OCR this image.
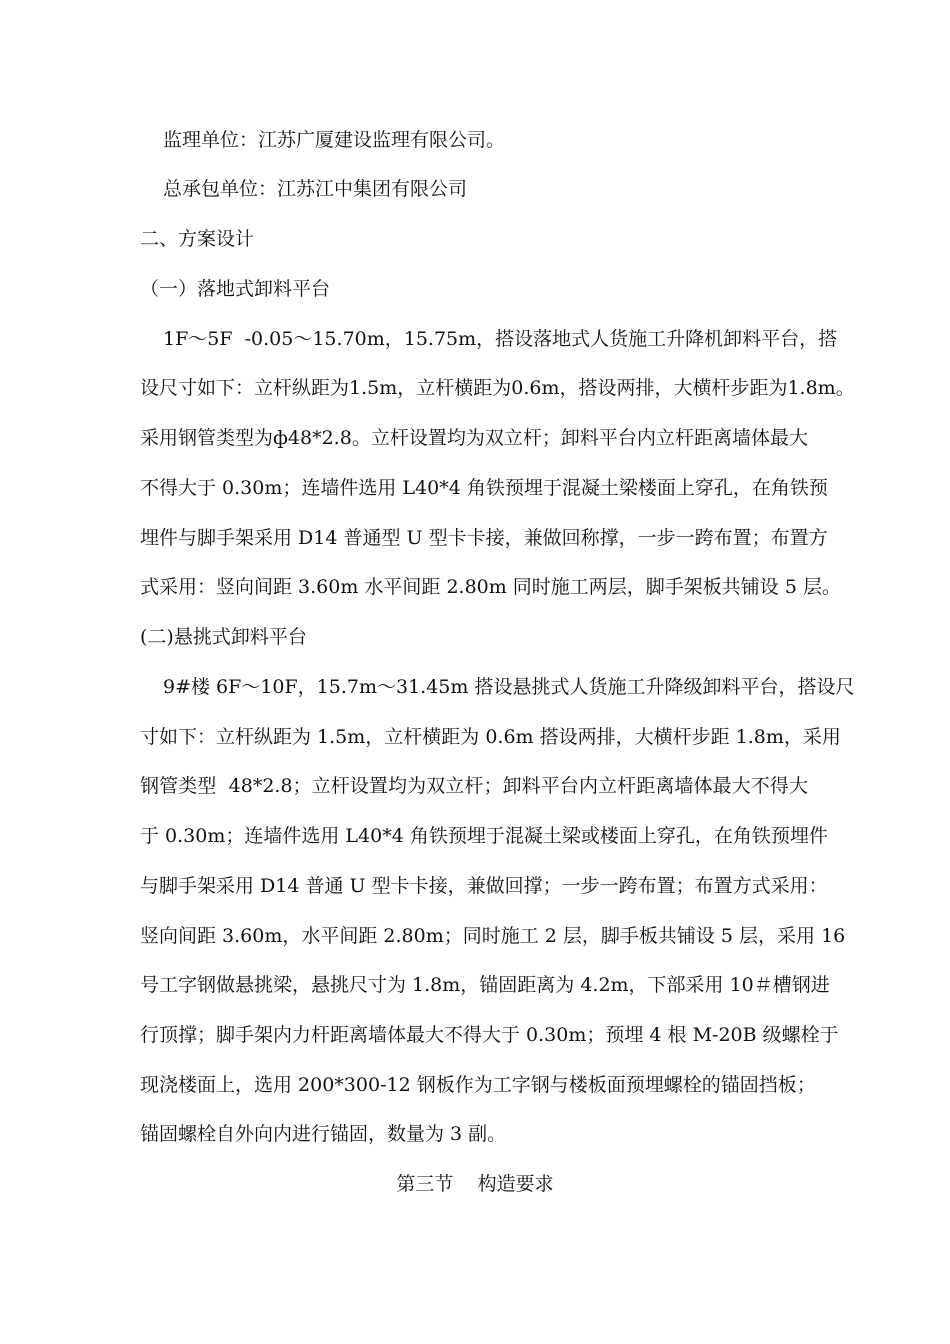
监理单位：江苏广厦建设监理有限公司。
总承包单位：江苏江中集团有限公司
二、方案设计
（一）落地式卸料平台
1F～5F  -0.05～15.70m，15.75m，搭设落地式人货施工升降机卸料平台，搭
设尺寸如下：立杆纵距为1.5m，立杆横距为0.6m，搭设两排，大横杆步距为1.8m。
采用钢管类型为ф48*2.8。立杆设置均为双立杆；卸料平台内立杆距离墙体最大
不得大于 0.30m；连墙件选用 L40*4 角铁预埋于混凝土梁楼面上穿孔，在角铁预
埋件与脚手架采用 D14 普通型 U 型卡卡接，兼做回称撑，一步一跨布置；布置方
式采用：竖向间距 3.60m 水平间距 2.80m 同时施工两层，脚手架板共铺设 5 层。
(二)悬挑式卸料平台
9#楼 6F～10F，15.7m～31.45m 搭设悬挑式人货施工升降级卸料平台，搭设尺
寸如下：立杆纵距为 1.5m，立杆横距为 0.6m 搭设两排，大横杆步距 1.8m，采用
钢管类型  48*2.8；立杆设置均为双立杆；卸料平台内立杆距离墙体最大不得大
于 0.30m；连墙件选用 L40*4 角铁预埋于混凝土梁或楼面上穿孔，在角铁预埋件
与脚手架采用 D14 普通 U 型卡卡接，兼做回撑；一步一跨布置；布置方式采用：
竖向间距 3.60m，水平间距 2.80m；同时施工 2 层，脚手板共铺设 5 层，采用 16
号工字钢做悬挑梁，悬挑尺寸为 1.8m，锚固距离为 4.2m，下部采用 10＃槽钢进
行顶撑；脚手架内力杆距离墙体最大不得大于 0.30m；预埋 4 根 M-20B 级螺栓于
现浇楼面上，选用 200*300-12 钢板作为工字钢与楼板面预埋螺栓的锚固挡板；
锚固螺栓自外向内进行锚固，数量为 3 副。
第三节    构造要求
